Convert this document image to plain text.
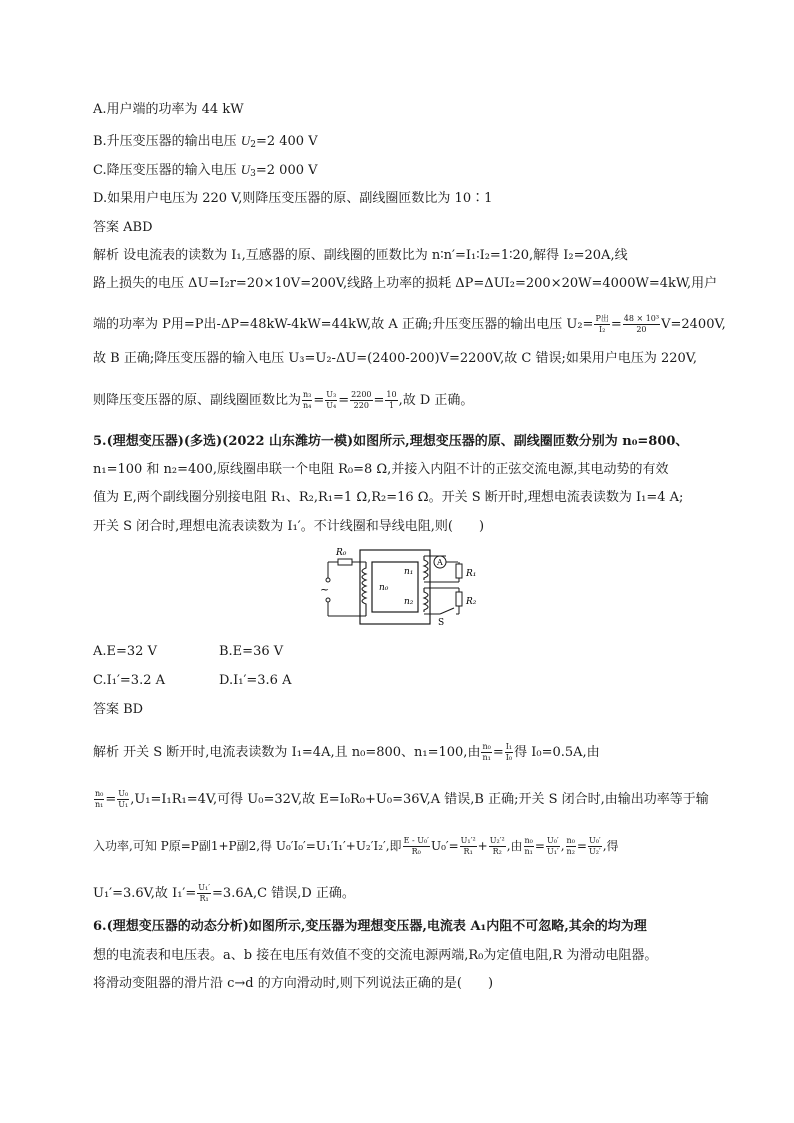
A.用户端的功率为 44 kW
B.升压变压器的输出电压 $U_2=2$ 400 V
C.降压变压器的输入电压 $U_3=2$ 000 V
D.如果用户电压为 220 V,则降压变压器的原、副线圈匝数比为 10∶1
答案 ABD
解析 设电流表的读数为 I₁,互感器的原、副线圈的匝数比为 n∶n′=I₁∶I₂=1∶20,解得 I₂=20A,线
路上损失的电压 ΔU=I₂r=20×10V=200V,线路上功率的损耗 ΔP=ΔUI₂=200×20W=4000W=4kW,用户
端的功率为 P用=P出-ΔP=48kW-4kW=44kW,故 A 正确;升压变压器的输出电压 $U_2= \frac{\text{P出}}{\text{I₂}} = \frac{\text{48 × 10³}}{20} V=2400V$,
故 B 正确;降压变压器的输入电压 U₃=U₂-ΔU=(2400-200)V=2200V,故 C 错误;如果用户电压为 220V,
则降压变压器的原、副线圈匝数比为 $\frac{\text{n₃}}{\text{n₄}} = \frac{\text{U₃}}{\text{U₄}} = \frac{2200}{220} = \frac{10}{1}$ ,故 D 正确。
5.(理想变压器)(多选)(2022 山东潍坊一模)如图所示,理想变压器的原、副线圈匝数分别为 n₀=800、
n₁=100 和 n₂=400,原线圈串联一个电阻 R₀=8 Ω,并接入内阻不计的正弦交流电源,其电动势的有效
值为 E,两个副线圈分别接电阻 R₁、R₂,R₁=1 Ω,R₂=16 Ω。开关 S 断开时,理想电流表读数为 I₁=4 A;
开关 S 闭合时,理想电流表读数为 I₁′。不计线圈和导线电阻,则(　　)
~
R₀
n₀
n₁
A
R₁
n₂	R₂
S
A.E=32 V	B.E=36 V
C.I₁′=3.2 A	D.I₁′=3.6 A
答案 BD
解析 开关 S 断开时,电流表读数为 I₁=4A,且 n₀=800、n₁=100,由 $\frac{\text{n₀}}{\text{n₁}} = \frac{\text{I₁}}{\text{I₀}}$ 得 I₀=0.5A,由
$\frac{\text{n₀}}{\text{n₁}} = \frac{\text{U₀}}{\text{U₁}} ,U_1=I_1R_1=4V$,可得 U₀=32V,故 E=I₀R₀+U₀=36V,A 错误,B 正确;开关 S 闭合时,由输出功率等于输
入功率,可知 P原=P副1+P副2,得 U₀′I₀′=U₁′I₁′+U₂′I₂′,即 $\frac{\text{E - U₀′}}{\text{R₀}} U_0'= \frac{\text{U₁′²}}{\text{R₁}} + \frac{\text{U₂′²}}{\text{R₂}}$ ,由 $\frac{\text{n₀}}{\text{n₁}} = \frac{\text{U₀′}}{\text{U₁′}}$ , $\frac{\text{n₀}}{\text{n₂}} = \frac{\text{U₀′}}{\text{U₂′}}$ ,得
U₁′=3.6V,故 $I_1'= \frac{\text{U₁′}}{\text{R₁}} =3.6A,C$ 错误,D 正确。
6.(理想变压器的动态分析)如图所示,变压器为理想变压器,电流表 A₁内阻不可忽略,其余的均为理
想的电流表和电压表。a、b 接在电压有效值不变的交流电源两端,R₀为定值电阻,R 为滑动电阻器。
将滑动变阻器的滑片沿 c→d 的方向滑动时,则下列说法正确的是(　　)
